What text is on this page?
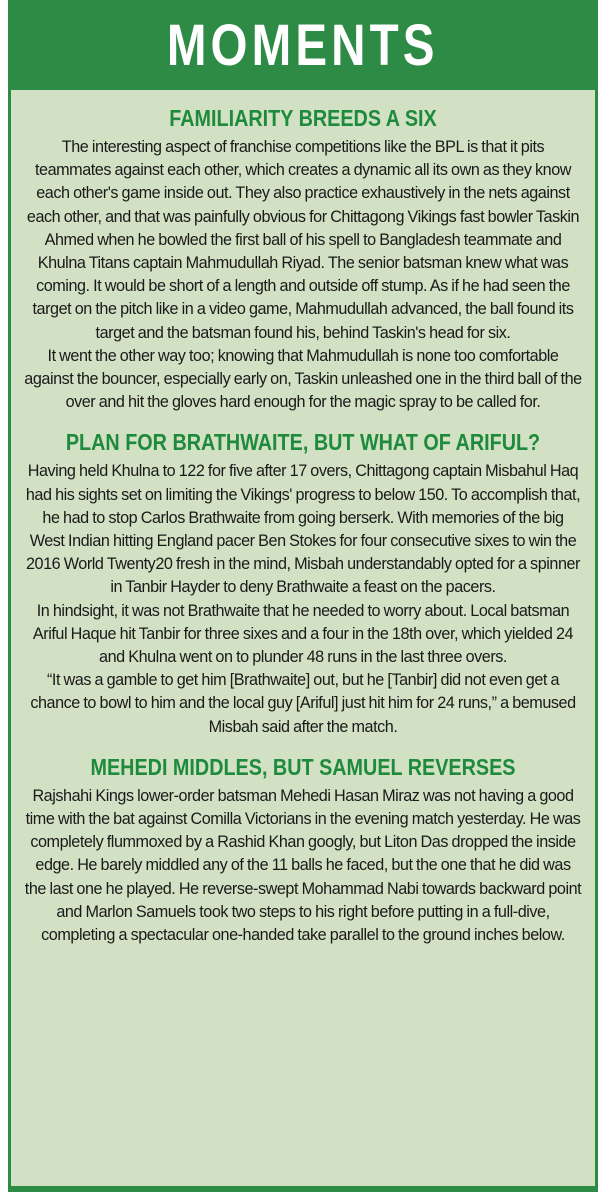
MOMENTS
FAMILIARITY BREEDS A SIX

The interesting aspect of franchise competitions like the BPL is that it pits teammates against each other, which creates a dynamic all its own as they know each other's game inside out. They also practice exhaustively in the nets against each other, and that was painfully obvious for Chittagong Vikings fast bowler Taskin Ahmed when he bowled the first ball of his spell to Bangladesh teammate and Khulna Titans captain Mahmudullah Riyad. The senior batsman knew what was coming. It would be short of a length and outside off stump. As if he had seen the target on the pitch like in a video game, Mahmudullah advanced, the ball found its target and the batsman found his, behind Taskin's head for six.

It went the other way too; knowing that Mahmudullah is none too comfortable against the bouncer, especially early on, Taskin unleashed one in the third ball of the over and hit the gloves hard enough for the magic spray to be called for.

PLAN FOR BRATHWAITE, BUT WHAT OF ARIFUL?

Having held Khulna to 122 for five after 17 overs, Chittagong captain Misbahul Haq had his sights set on limiting the Vikings' progress to below 150. To accomplish that, he had to stop Carlos Brathwaite from going berserk. With memories of the big West Indian hitting England pacer Ben Stokes for four consecutive sixes to win the 2016 World Twenty20 fresh in the mind, Misbah understandably opted for a spinner in Tanbir Hayder to deny Brathwaite a feast on the pacers.

In hindsight, it was not Brathwaite that he needed to worry about. Local batsman Ariful Haque hit Tanbir for three sixes and a four in the 18th over, which yielded 24 and Khulna went on to plunder 48 runs in the last three overs.

“It was a gamble to get him [Brathwaite] out, but he [Tanbir] did not even get a chance to bowl to him and the local guy [Ariful] just hit him for 24 runs,” a bemused Misbah said after the match.

MEHEDI MIDDLES, BUT SAMUEL REVERSES

Rajshahi Kings lower-order batsman Mehedi Hasan Miraz was not having a good time with the bat against Comilla Victorians in the evening match yesterday. He was completely flummoxed by a Rashid Khan googly, but Liton Das dropped the inside edge. He barely middled any of the 11 balls he faced, but the one that he did was the last one he played. He reverse-swept Mohammad Nabi towards backward point and Marlon Samuels took two steps to his right before putting in a full-dive, completing a spectacular one-handed take parallel to the ground inches below.
